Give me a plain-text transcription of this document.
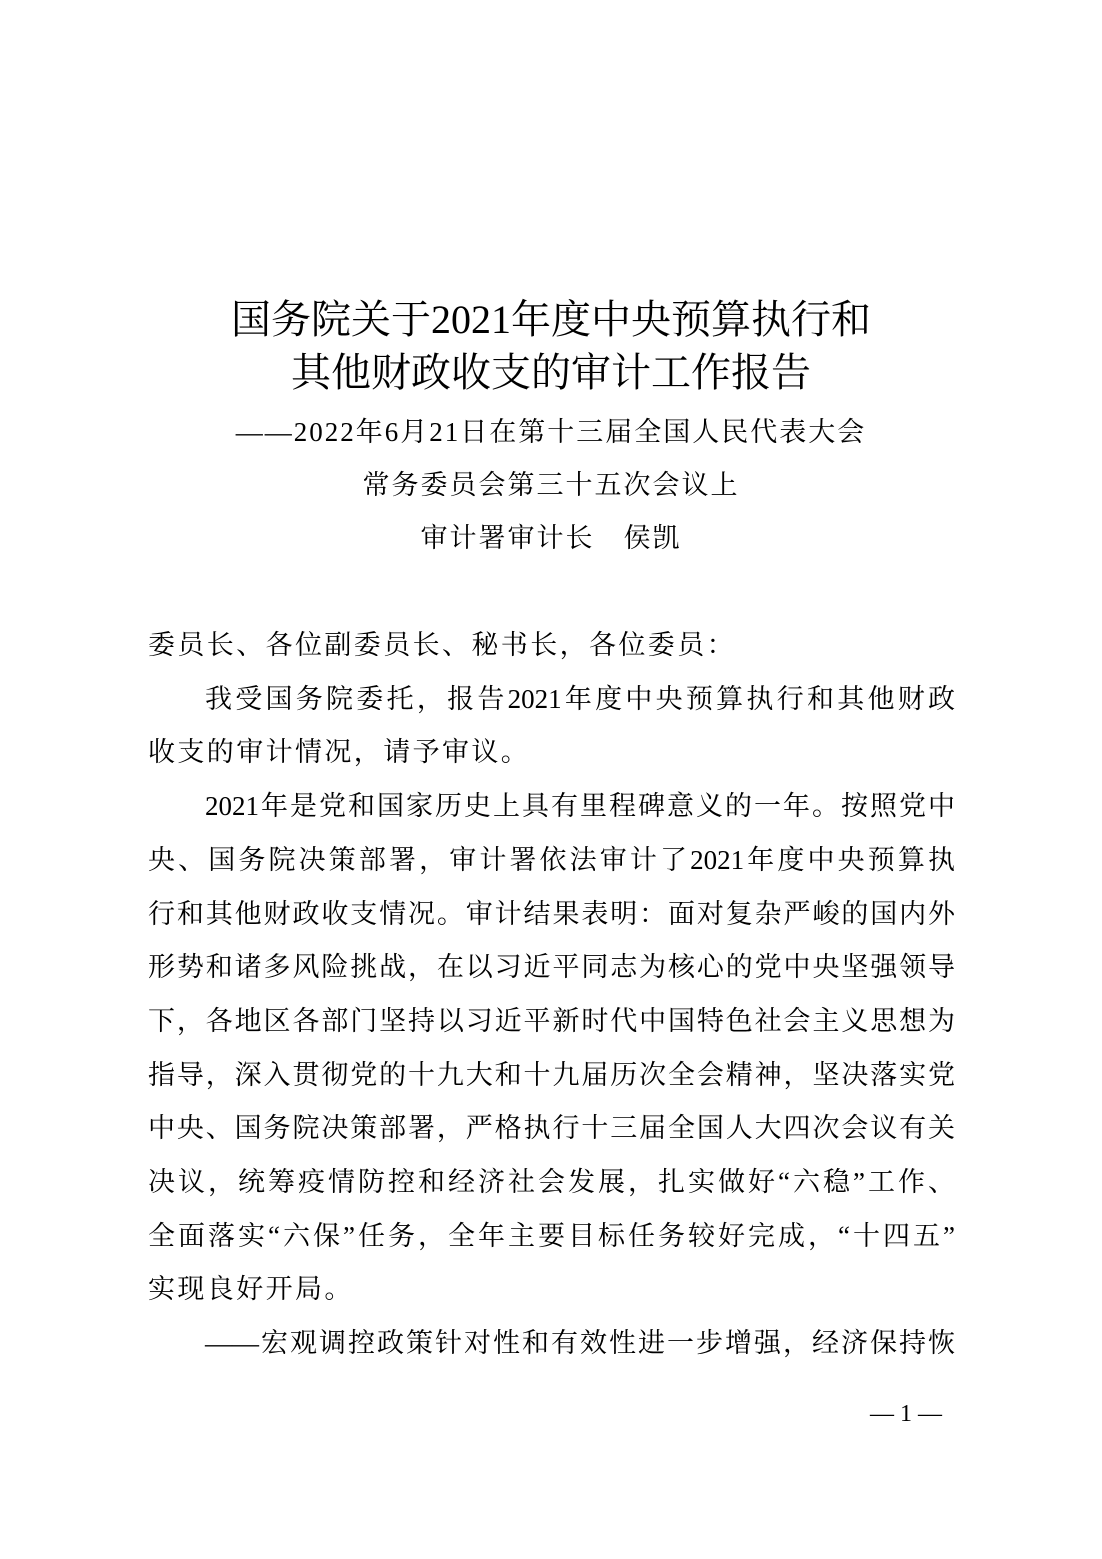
国务院关于2021年度中央预算执行和
其他财政收支的审计工作报告
——2022年6月21日在第十三届全国人民代表大会
常务委员会第三十五次会议上
审计署审计长　侯凯
委员长、各位副委员长、秘书长，各位委员：
我受国务院委托，报告2021年度中央预算执行和其他财政
收支的审计情况，请予审议。
2021年是党和国家历史上具有里程碑意义的一年。按照党中
央、国务院决策部署，审计署依法审计了2021年度中央预算执
行和其他财政收支情况。审计结果表明：面对复杂严峻的国内外
形势和诸多风险挑战，在以习近平同志为核心的党中央坚强领导
下，各地区各部门坚持以习近平新时代中国特色社会主义思想为
指导，深入贯彻党的十九大和十九届历次全会精神，坚决落实党
中央、国务院决策部署，严格执行十三届全国人大四次会议有关
决议，统筹疫情防控和经济社会发展，扎实做好“六稳”工作、
全面落实“六保”任务，全年主要目标任务较好完成，“十四五”
实现良好开局。
——宏观调控政策针对性和有效性进一步增强，经济保持恢
— 1 —
